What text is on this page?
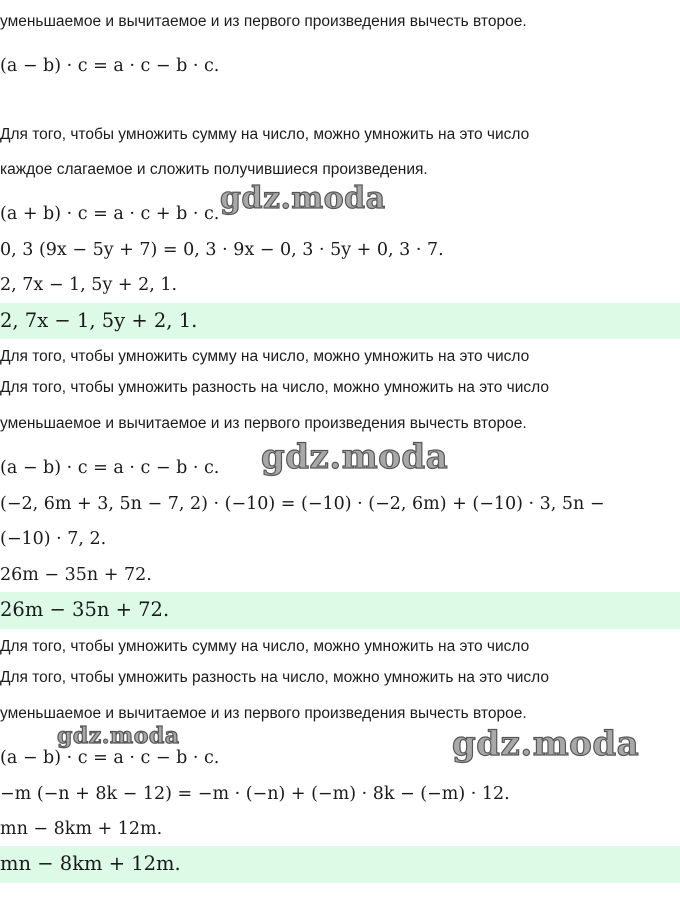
уменьшаемое и вычитаемое и из первого произведения вычесть второе.
(a − b) · c = a · c − b · c.
Для того, чтобы умножить сумму на число, можно умножить на это число
каждое слагаемое и сложить получившиеся произведения.
(a + b) · c = a · c + b · c.
0, 3 (9x − 5y + 7) = 0, 3 · 9x − 0, 3 · 5y + 0, 3 · 7.
2, 7x − 1, 5y + 2, 1.
2, 7x − 1, 5y + 2, 1.
Для того, чтобы умножить сумму на число, можно умножить на это число
Для того, чтобы умножить разность на число, можно умножить на это число
уменьшаемое и вычитаемое и из первого произведения вычесть второе.
(a − b) · c = a · c − b · c.
(−2, 6m + 3, 5n − 7, 2) · (−10) = (−10) · (−2, 6m) + (−10) · 3, 5n −
(−10) · 7, 2.
26m − 35n + 72.
26m − 35n + 72.
Для того, чтобы умножить сумму на число, можно умножить на это число
Для того, чтобы умножить разность на число, можно умножить на это число
уменьшаемое и вычитаемое и из первого произведения вычесть второе.
(a − b) · c = a · c − b · c.
−m (−n + 8k − 12) = −m · (−n) + (−m) · 8k − (−m) · 12.
mn − 8km + 12m.
mn − 8km + 12m.
gdz.moda
gdz.moda
gdz.moda	gdz.moda
